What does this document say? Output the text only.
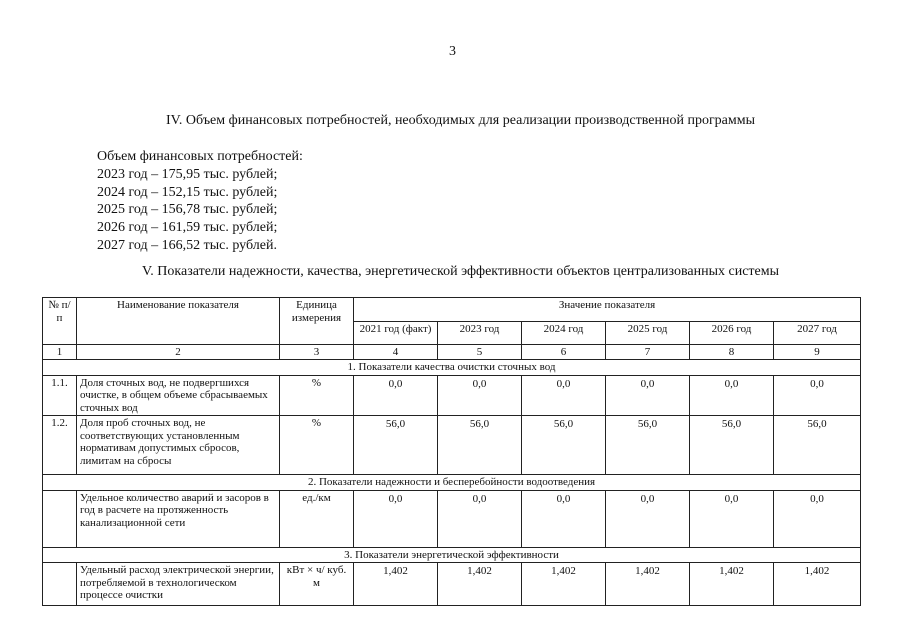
3
IV. Объем финансовых потребностей, необходимых для реализации производственной программы
Объем финансовых потребностей:
2023 год – 175,95 тыс. рублей;
2024 год – 152,15 тыс. рублей;
2025 год – 156,78 тыс. рублей;
2026 год – 161,59 тыс. рублей;
2027 год – 166,52 тыс. рублей.
V. Показатели надежности, качества, энергетической эффективности объектов централизованных системы
№ п/п	Наименование показателя	Единица измерения	Значение показателя					
			2021 год (факт)	2023 год	2024 год	2025 год	2026 год	2027 год
1	2	3	4	5	6	7	8	9
1. Показатели качества очистки сточных вод								
1.1.	Доля сточных вод, не подвергшихся очистке, в общем объеме сбрасываемых сточных вод	%	0,0	0,0	0,0	0,0	0,0	0,0
1.2.	Доля проб сточных вод, не соответствующих установленным нормативам допустимых сбросов, лимитам на сбросы	%	56,0	56,0	56,0	56,0	56,0	56,0
2. Показатели надежности и бесперебойности водоотведения								
	Удельное количество аварий и засоров в год в расчете на протяженность канализационной сети	ед./км	0,0	0,0	0,0	0,0	0,0	0,0
3. Показатели энергетической эффективности								
	Удельный расход электрической энергии, потребляемой в технологическом процессе очистки	кВт × ч/ куб. м	1,402	1,402	1,402	1,402	1,402	1,402
